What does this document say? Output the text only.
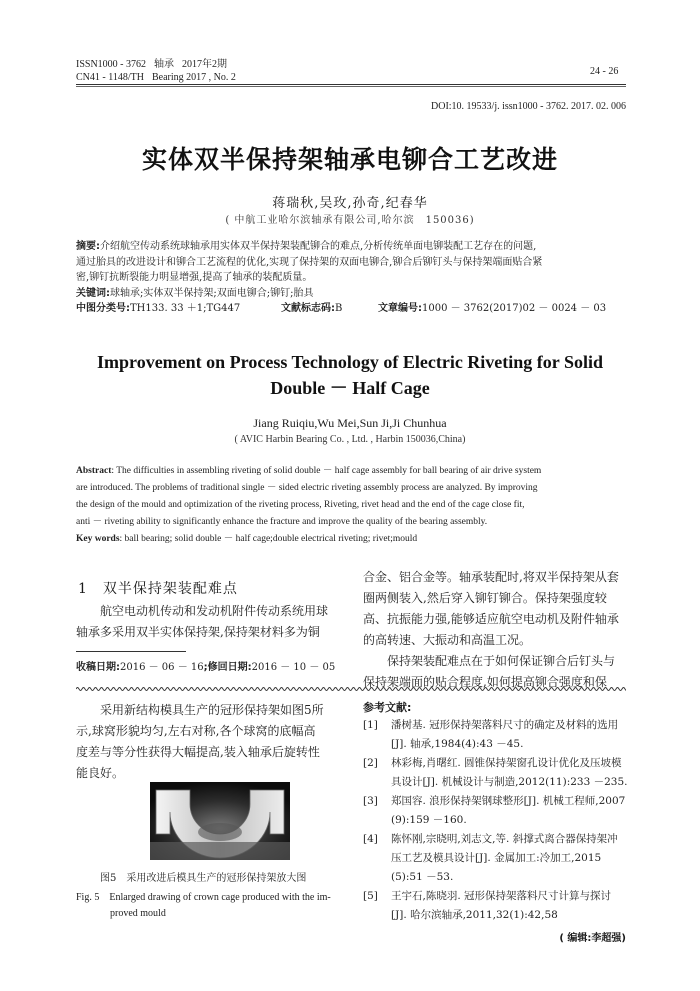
ISSN1000 - 3762 轴承 2017年2期
CN41 - 1148/TH Bearing 2017 , No. 2
24 - 26
DOI:10. 19533/j. issn1000 - 3762. 2017. 02. 006
实体双半保持架轴承电铆合工艺改进
蒋瑞秋,吴玫,孙奇,纪春华
( 中航工业哈尔滨轴承有限公司,哈尔滨　150036)
摘要:介绍航空传动系统球轴承用实体双半保持架装配铆合的难点,分析传统单面电铆装配工艺存在的问题,
通过胎具的改进设计和铆合工艺流程的优化,实现了保持架的双面电铆合,铆合后铆钉头与保持架端面贴合紧
密,铆钉抗断裂能力明显增强,提高了轴承的装配质量。
关键词:球轴承;实体双半保持架;双面电铆合;铆钉;胎具
中图分类号:TH133. 33 ＋1;TG447	文献标志码:B	文章编号:1000 － 3762(2017)02 － 0024 － 03
Improvement on Process Technology of Electric Riveting for Solid
Double － Half Cage
Jiang Ruiqiu,Wu Mei,Sun Ji,Ji Chunhua
( AVIC Harbin Bearing Co. , Ltd. , Harbin 150036,China)
Abstract: The difficulties in assembling riveting of solid double － half cage assembly for ball bearing of air drive system
are introduced. The problems of traditional single － sided electric riveting assembly process are analyzed. By improving
the design of the mould and optimization of the riveting process, Riveting, rivet head and the end of the cage close fit,
anti － riveting ability to significantly enhance the fracture and improve the quality of the bearing assembly.
Key words: ball bearing; solid double － half cage;double electrical riveting; rivet;mould
1　双半保持架装配难点
航空电动机传动和发动机附件传动系统用球
轴承多采用双半实体保持架,保持架材料多为铜
收稿日期:2016 － 06 － 16;修回日期:2016 － 10 － 05
合金、铝合金等。轴承装配时,将双半保持架从套
圈两侧装入,然后穿入铆钉铆合。保持架强度较
高、抗振能力强,能够适应航空电动机及附件轴承
的高转速、大振动和高温工况。
保持架装配难点在于如何保证铆合后钉头与
保持架端面的贴合程度,如何提高铆合强度和保
采用新结构模具生产的冠形保持架如图5所
示,球窝形貌均匀,左右对称,各个球窝的底幅高
度差与等分性获得大幅提高,装入轴承后旋转性
能良好。
图5　采用改进后模具生产的冠形保持架放大图
Fig. 5　Enlarged drawing of crown cage produced with the im-
proved mould
参考文献:
[1] 潘树基. 冠形保持架落料尺寸的确定及材料的选用
[J]. 轴承,1984(4):43 －45.
[2] 林彩梅,肖曙红. 圆锥保持架窗孔设计优化及压坡模
具设计[J]. 机械设计与制造,2012(11):233 －235.
[3] 郑国容. 浪形保持架钢球整形[J]. 机械工程师,2007
(9):159 －160.
[4] 陈怀刚,宗晓明,刘志文,等. 斜撑式离合器保持架冲
压工艺及模具设计[J]. 金属加工:冷加工,2015
(5):51 －53.
[5] 王宇石,陈晓羽. 冠形保持架落料尺寸计算与探讨
[J]. 哈尔滨轴承,2011,32(1):42,58
( 编辑:李超强)
